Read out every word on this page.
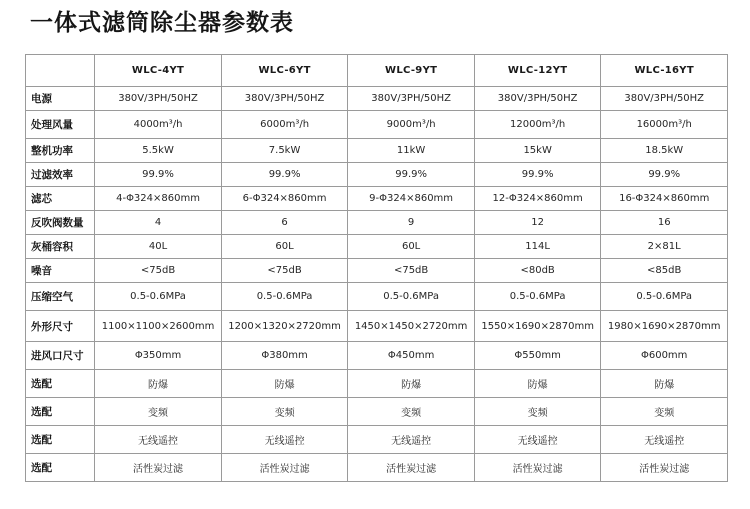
一体式滤筒除尘器参数表
	WLC-4YT	WLC-6YT	WLC-9YT	WLC-12YT	WLC-16YT
电源	380V/3PH/50HZ	380V/3PH/50HZ	380V/3PH/50HZ	380V/3PH/50HZ	380V/3PH/50HZ
处理风量	4000m³/h	6000m³/h	9000m³/h	12000m³/h	16000m³/h
整机功率	5.5kW	7.5kW	11kW	15kW	18.5kW
过滤效率	99.9%	99.9%	99.9%	99.9%	99.9%
滤芯	4-Φ324×860mm	6-Φ324×860mm	9-Φ324×860mm	12-Φ324×860mm	16-Φ324×860mm
反吹阀数量	4	6	9	12	16
灰桶容积	40L	60L	60L	114L	2×81L
噪音	<75dB	<75dB	<75dB	<80dB	<85dB
压缩空气	0.5-0.6MPa	0.5-0.6MPa	0.5-0.6MPa	0.5-0.6MPa	0.5-0.6MPa
外形尺寸	1100×1100×2600mm	1200×1320×2720mm	1450×1450×2720mm	1550×1690×2870mm	1980×1690×2870mm
进风口尺寸	Φ350mm	Φ380mm	Φ450mm	Φ550mm	Φ600mm
选配	防爆	防爆	防爆	防爆	防爆
选配	变频	变频	变频	变频	变频
选配	无线遥控	无线遥控	无线遥控	无线遥控	无线遥控
选配	活性炭过滤	活性炭过滤	活性炭过滤	活性炭过滤	活性炭过滤
